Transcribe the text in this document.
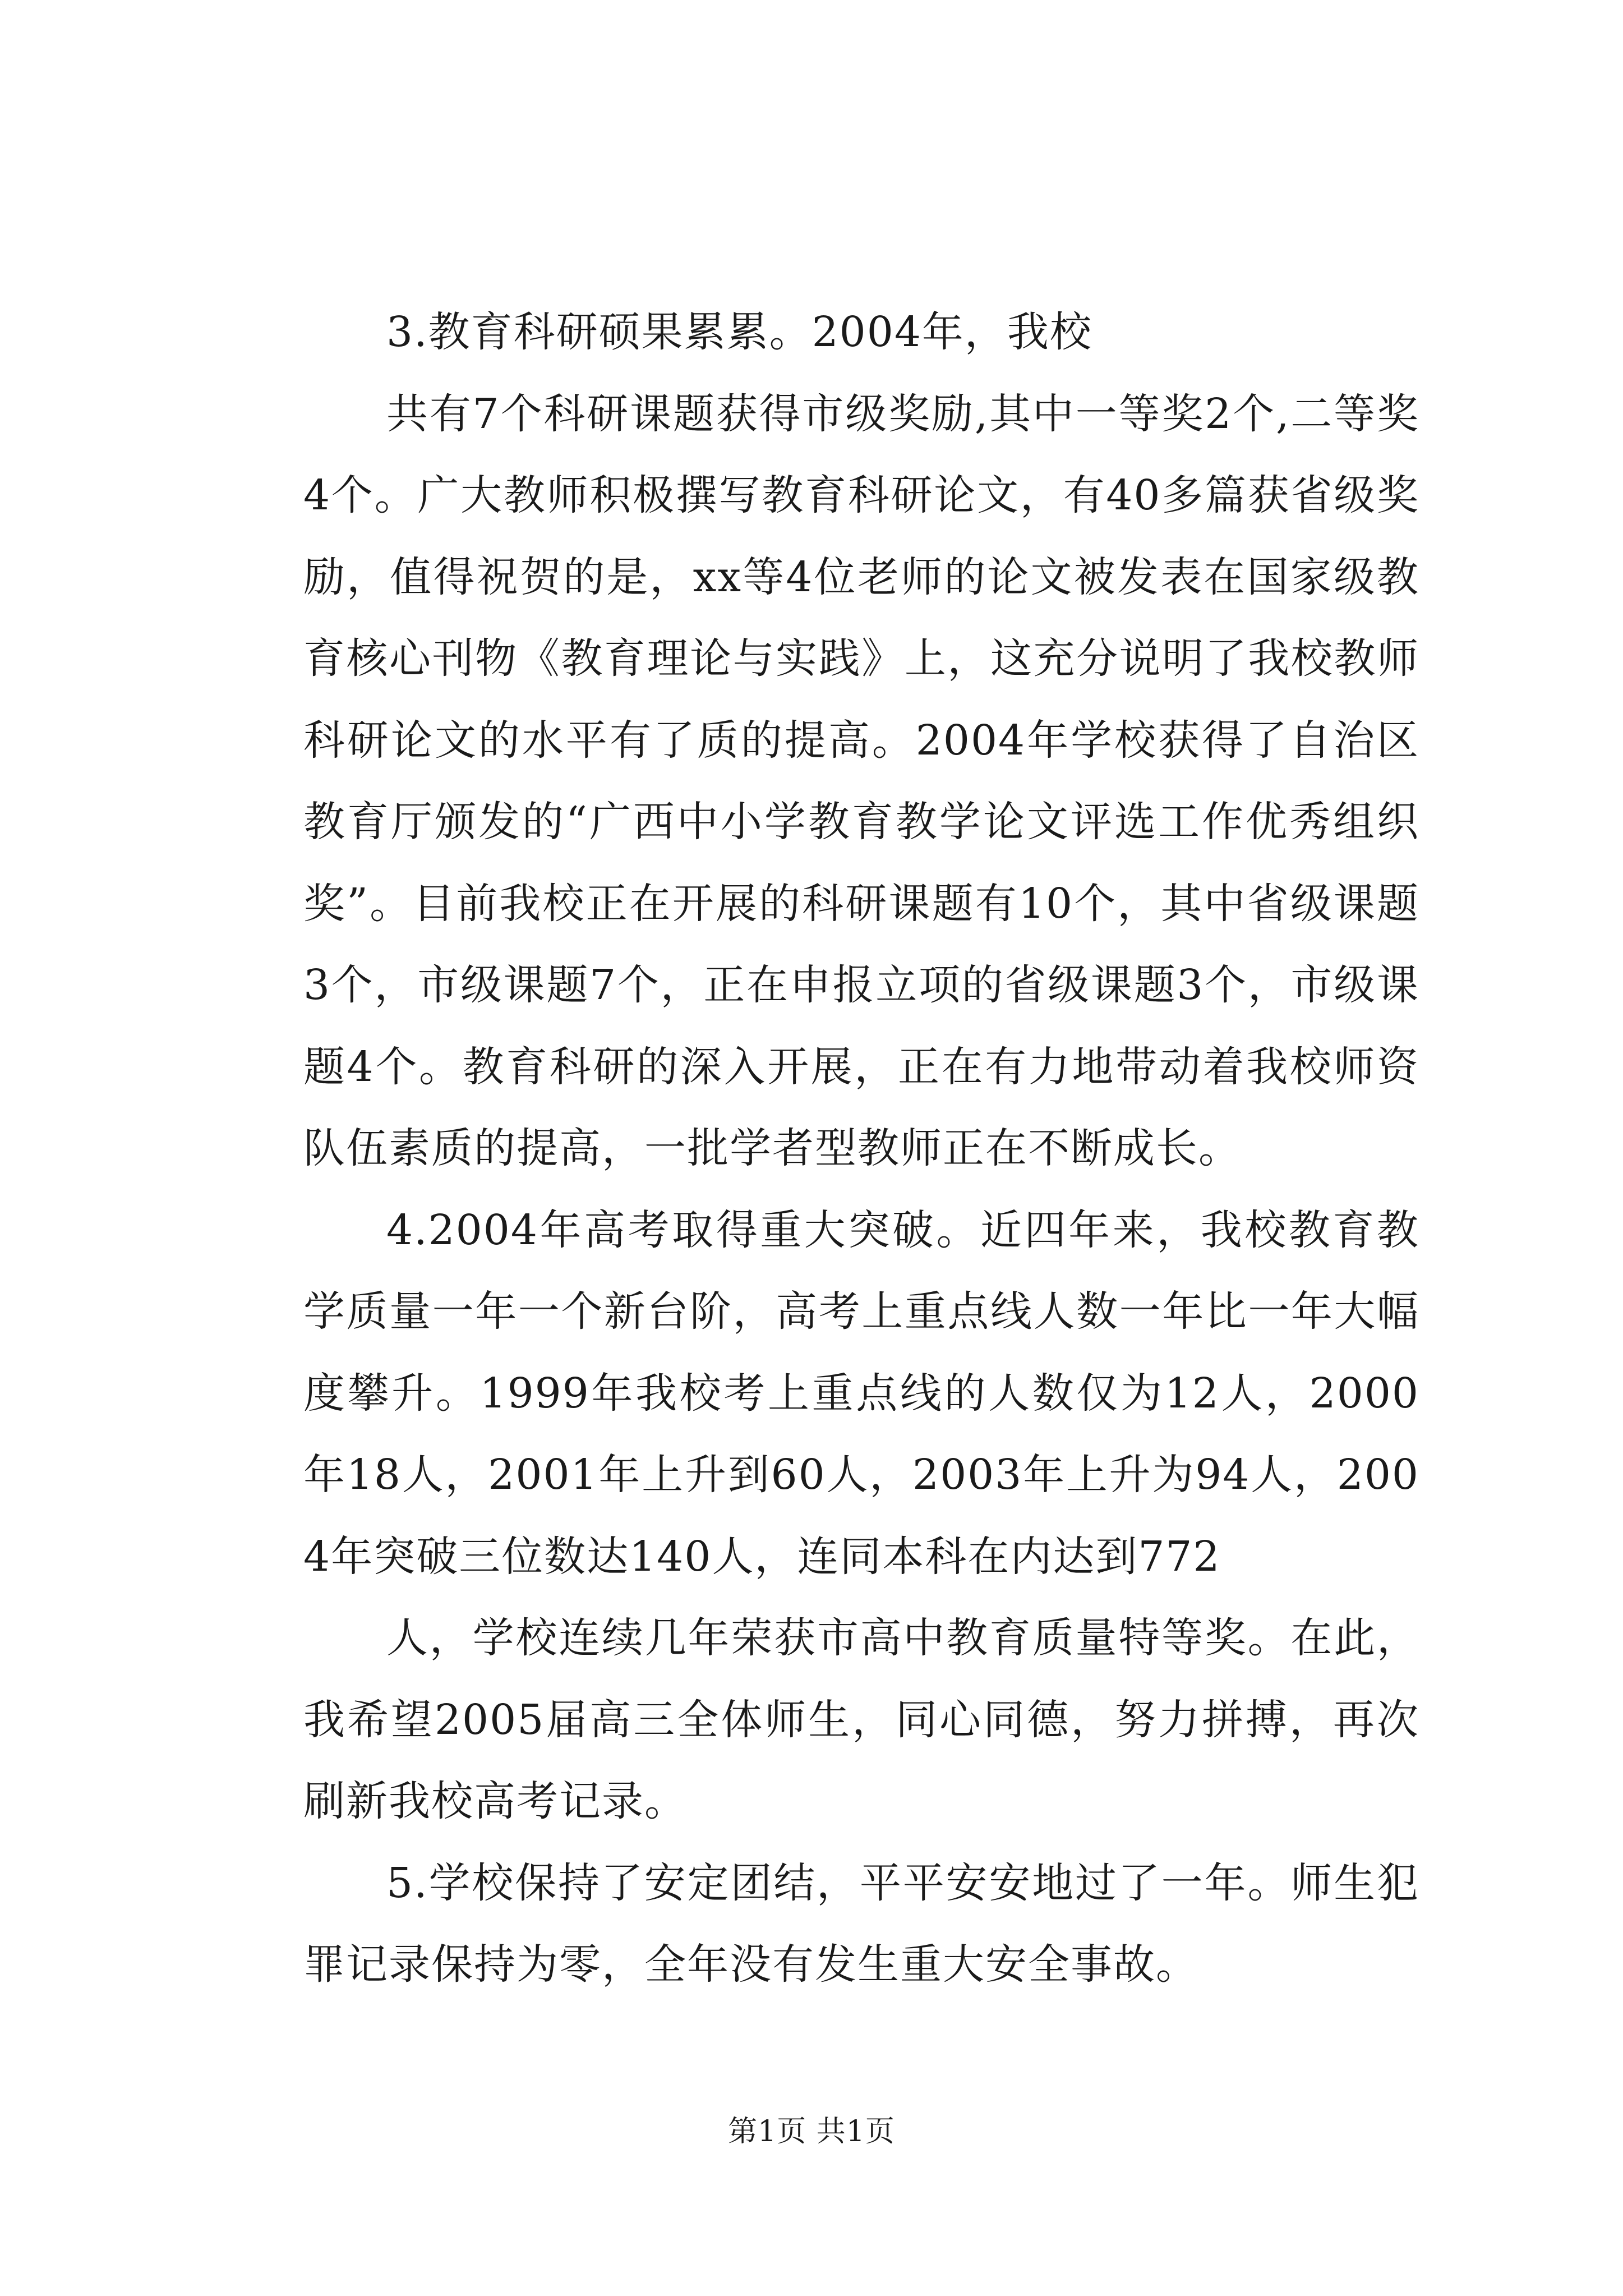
3.教育科研硕果累累。2004年，我校

共有7个科研课题获得市级奖励,其中一等奖2个,二等奖4个。广大教师积极撰写教育科研论文，有40多篇获省级奖励，值得祝贺的是，xx等4位老师的论文被发表在国家级教育核心刊物《教育理论与实践》上，这充分说明了我校教师科研论文的水平有了质的提高。2004年学校获得了自治区教育厅颁发的“广西中小学教育教学论文评选工作优秀组织奖”。目前我校正在开展的科研课题有10个，其中省级课题3个，市级课题7个，正在申报立项的省级课题3个，市级课题4个。教育科研的深入开展，正在有力地带动着我校师资队伍素质的提高，一批学者型教师正在不断成长。

4.2004年高考取得重大突破。近四年来，我校教育教学质量一年一个新台阶，高考上重点线人数一年比一年大幅度攀升。1999年我校考上重点线的人数仅为12人，2000年18人，2001年上升到60人，2003年上升为94人，2004年突破三位数达140人，连同本科在内达到772

人，学校连续几年荣获市高中教育质量特等奖。在此，我希望2005届高三全体师生，同心同德，努力拼搏，再次刷新我校高考记录。

5.学校保持了安定团结，平平安安地过了一年。师生犯罪记录保持为零，全年没有发生重大安全事故。

第1页 共1页
